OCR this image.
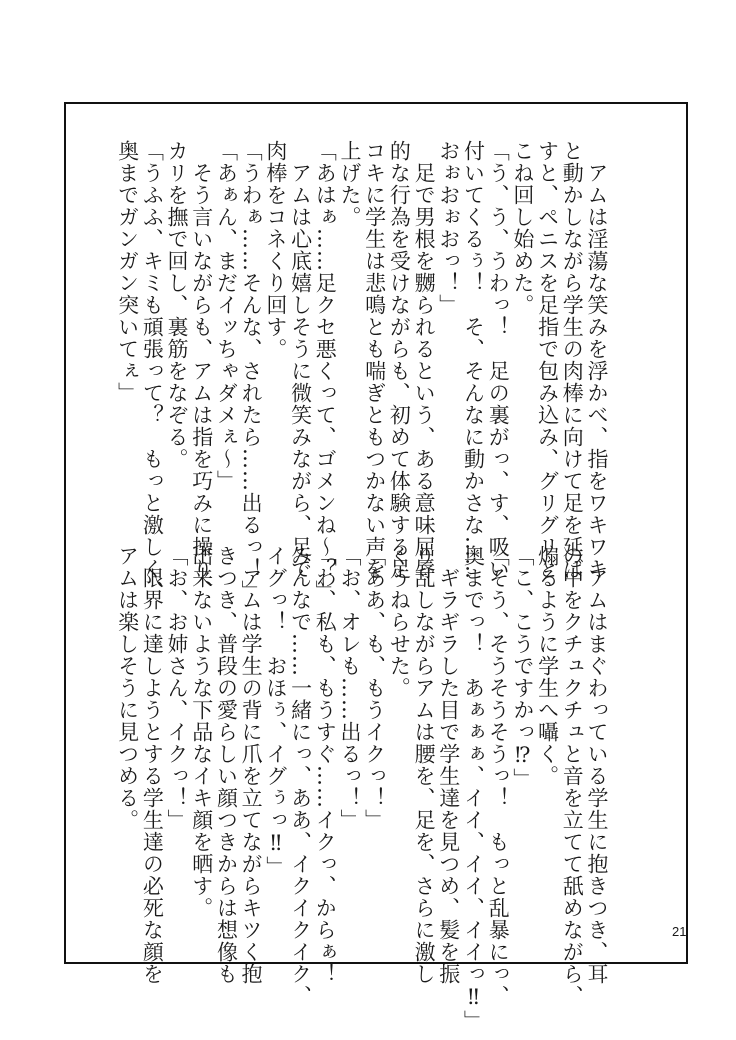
　アムは淫蕩な笑みを浮かべ、指をワキワキ
と動かしながら学生の肉棒に向けて足を延ば
すと、ペニスを足指で包み込み、グリグリと
こね回し始めた。
「う、う、うわっ！　足の裏がっ、す、吸い
付いてくるぅ！　そ、そんなに動かさな……
おぉおぉおっ！」
　足で男根を嬲られるという、ある意味屈辱
的な行為を受けながらも、初めて体験する足
コキに学生は悲鳴とも喘ぎともつかない声を
上げた。
「あはぁ……足クセ悪くって、ゴメンね～？」
　アムは心底嬉しそうに微笑みながら、足で
肉棒をコネくり回す。
「うわぁ……そんな、されたら……出るっ！」
「あぁん、まだイッちゃダメぇ～」
　そう言いながらも、アムは指を巧みに操り、
カリを撫で回し、裏筋をなぞる。
「うふふ、キミも頑張って？　もっと激しく、
奥までガンガン突いてぇ」
　アムはまぐわっている学生に抱きつき、耳
の中をクチュクチュと音を立てて舐めながら、
煽るように学生へ囁く。
「こ、こうですかっ⁉」
「そう、そうそうそうっ！　もっと乱暴にっ、
奥までっ！　あぁぁぁ、イイ、イイ、イイっ‼」
　ギラギラした目で学生達を見つめ、髪を振
り乱しながらアムは腰を、足を、さらに激し
くうねらせた。
「ああ、も、もうイクっ！」
「お、オレも……出るっ！」
「わ、私も、もうすぐ……イクっ、からぁ！
みんなで……一緒にっ、ああ、イクイクイク、
イグっ！　おほぅ、イグぅっ‼」
　アムは学生の背に爪を立てながらキツく抱
きつき、普段の愛らしい顔つきからは想像も
出来ないような下品なイキ顔を晒す。
「お、お姉さん、イクっ！」
　限界に達しようとする学生達の必死な顔を
アムは楽しそうに見つめる。
21
